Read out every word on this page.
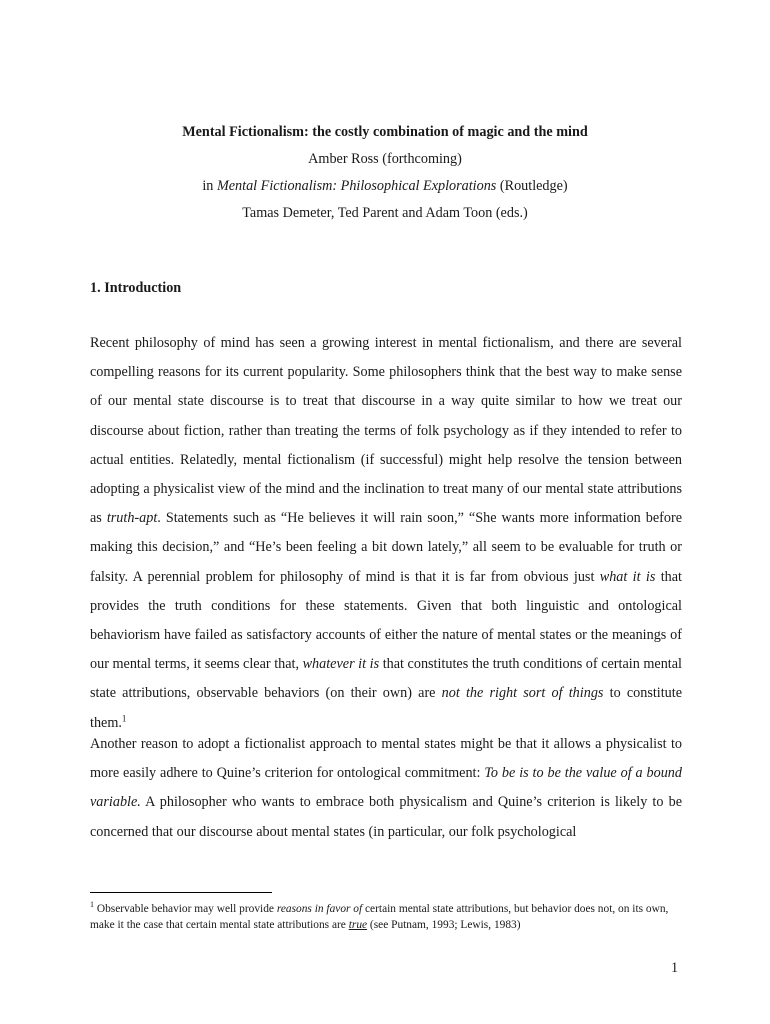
Mental Fictionalism: the costly combination of magic and the mind
Amber Ross (forthcoming)
in Mental Fictionalism: Philosophical Explorations (Routledge)
Tamas Demeter, Ted Parent and Adam Toon (eds.)
1. Introduction

Recent philosophy of mind has seen a growing interest in mental fictionalism, and there are several compelling reasons for its current popularity. Some philosophers think that the best way to make sense of our mental state discourse is to treat that discourse in a way quite similar to how we treat our discourse about fiction, rather than treating the terms of folk psychology as if they intended to refer to actual entities. Relatedly, mental fictionalism (if successful) might help resolve the tension between adopting a physicalist view of the mind and the inclination to treat many of our mental state attributions as truth-apt. Statements such as “He believes it will rain soon,” “She wants more information before making this decision,” and “He’s been feeling a bit down lately,” all seem to be evaluable for truth or falsity. A perennial problem for philosophy of mind is that it is far from obvious just what it is that provides the truth conditions for these statements. Given that both linguistic and ontological behaviorism have failed as satisfactory accounts of either the nature of mental states or the meanings of our mental terms, it seems clear that, whatever it is that constitutes the truth conditions of certain mental state attributions, observable behaviors (on their own) are not the right sort of things to constitute them.$^1$

Another reason to adopt a fictionalist approach to mental states might be that it allows a physicalist to more easily adhere to Quine’s criterion for ontological commitment: To be is to be the value of a bound variable. A philosopher who wants to embrace both physicalism and Quine’s criterion is likely to be concerned that our discourse about mental states (in particular, our folk psychological

$^1$ Observable behavior may well provide reasons in favor of certain mental state attributions, but behavior does not, on its own, make it the case that certain mental state attributions are true (see Putnam, 1993; Lewis, 1983)

1
